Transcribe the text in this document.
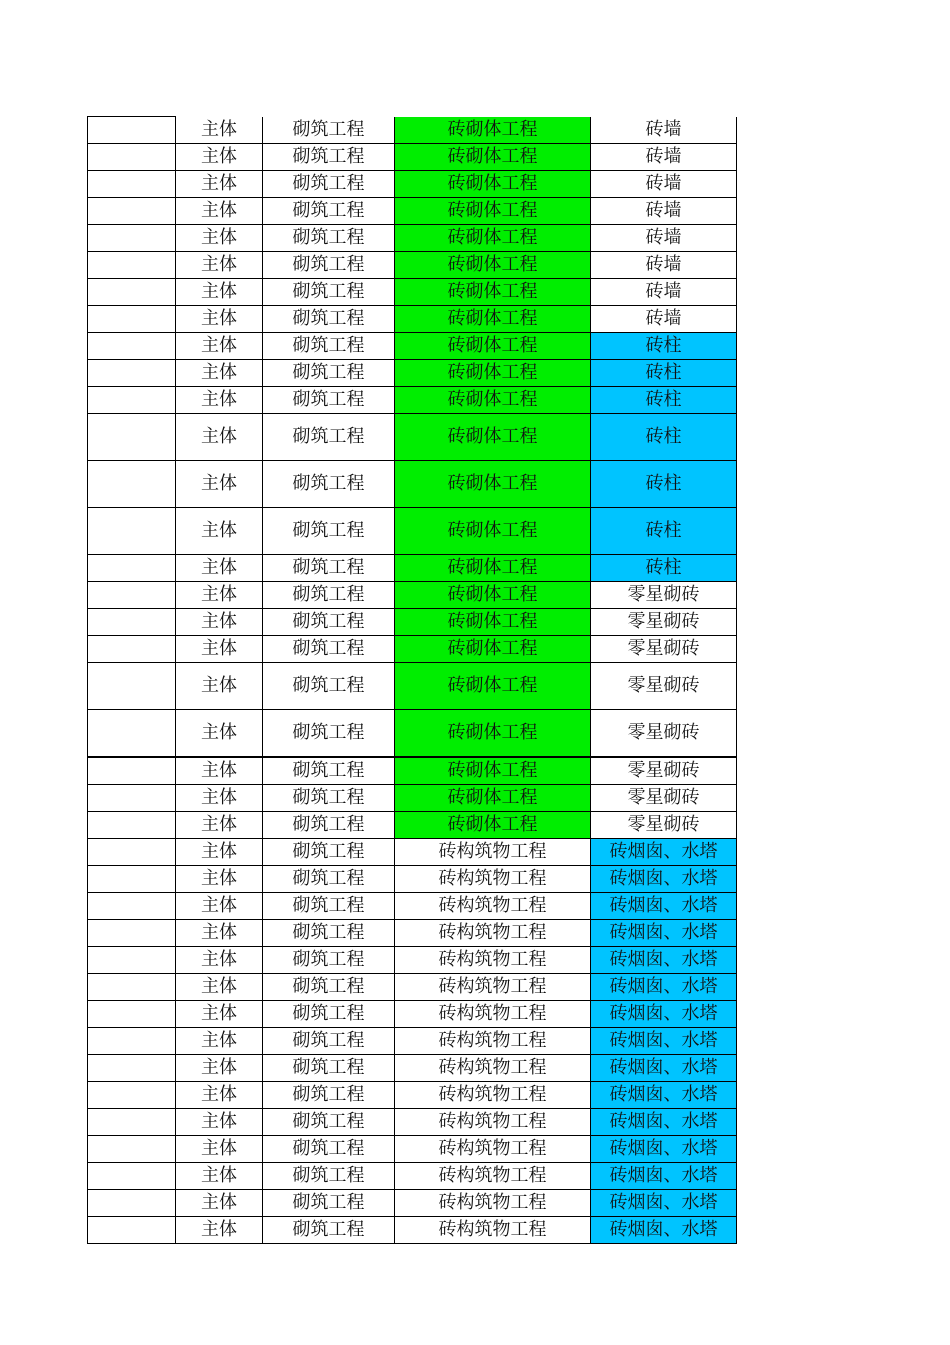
	主体	砌筑工程	砖砌体工程	砖墙
	主体	砌筑工程	砖砌体工程	砖墙
	主体	砌筑工程	砖砌体工程	砖墙
	主体	砌筑工程	砖砌体工程	砖墙
	主体	砌筑工程	砖砌体工程	砖墙
	主体	砌筑工程	砖砌体工程	砖墙
	主体	砌筑工程	砖砌体工程	砖墙
	主体	砌筑工程	砖砌体工程	砖墙
	主体	砌筑工程	砖砌体工程	砖柱
	主体	砌筑工程	砖砌体工程	砖柱
	主体	砌筑工程	砖砌体工程	砖柱
	主体	砌筑工程	砖砌体工程	砖柱
	主体	砌筑工程	砖砌体工程	砖柱
	主体	砌筑工程	砖砌体工程	砖柱
	主体	砌筑工程	砖砌体工程	砖柱
	主体	砌筑工程	砖砌体工程	零星砌砖
	主体	砌筑工程	砖砌体工程	零星砌砖
	主体	砌筑工程	砖砌体工程	零星砌砖
	主体	砌筑工程	砖砌体工程	零星砌砖
	主体	砌筑工程	砖砌体工程	零星砌砖
	主体	砌筑工程	砖砌体工程	零星砌砖
	主体	砌筑工程	砖砌体工程	零星砌砖
	主体	砌筑工程	砖砌体工程	零星砌砖
	主体	砌筑工程	砖构筑物工程	砖烟囱、水塔
	主体	砌筑工程	砖构筑物工程	砖烟囱、水塔
	主体	砌筑工程	砖构筑物工程	砖烟囱、水塔
	主体	砌筑工程	砖构筑物工程	砖烟囱、水塔
	主体	砌筑工程	砖构筑物工程	砖烟囱、水塔
	主体	砌筑工程	砖构筑物工程	砖烟囱、水塔
	主体	砌筑工程	砖构筑物工程	砖烟囱、水塔
	主体	砌筑工程	砖构筑物工程	砖烟囱、水塔
	主体	砌筑工程	砖构筑物工程	砖烟囱、水塔
	主体	砌筑工程	砖构筑物工程	砖烟囱、水塔
	主体	砌筑工程	砖构筑物工程	砖烟囱、水塔
	主体	砌筑工程	砖构筑物工程	砖烟囱、水塔
	主体	砌筑工程	砖构筑物工程	砖烟囱、水塔
	主体	砌筑工程	砖构筑物工程	砖烟囱、水塔
	主体	砌筑工程	砖构筑物工程	砖烟囱、水塔
